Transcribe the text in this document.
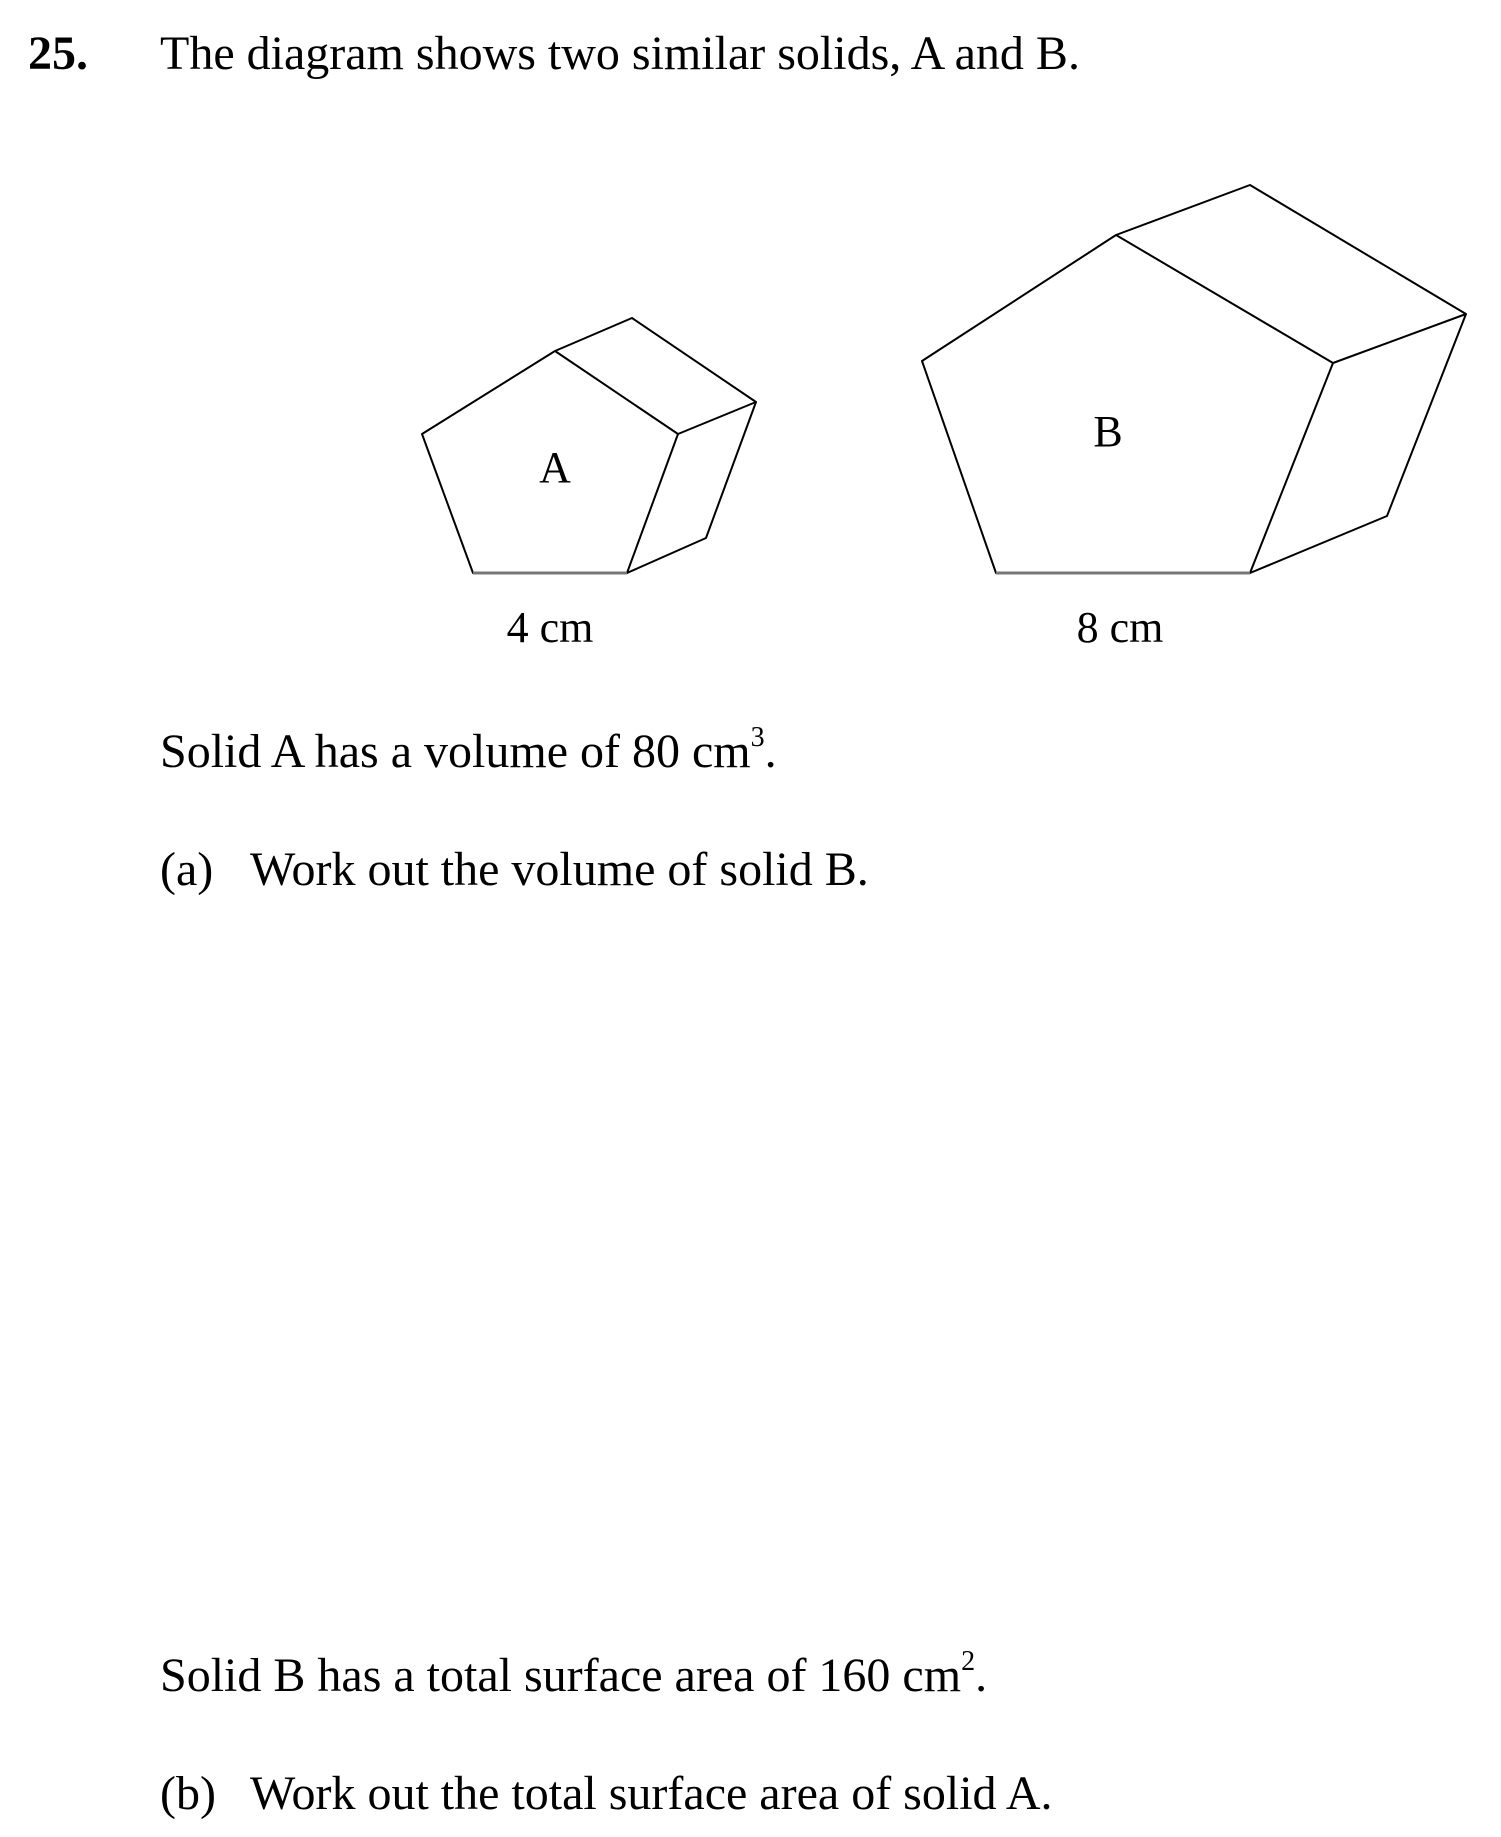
25. The diagram shows two similar solids, A and B.
A
4 cm
B
8 cm
Solid A has a volume of 80 $cm^3$.
(a) Work out the volume of solid B.
Solid B has a total surface area of 160 $cm^2$.
(b) Work out the total surface area of solid A.
